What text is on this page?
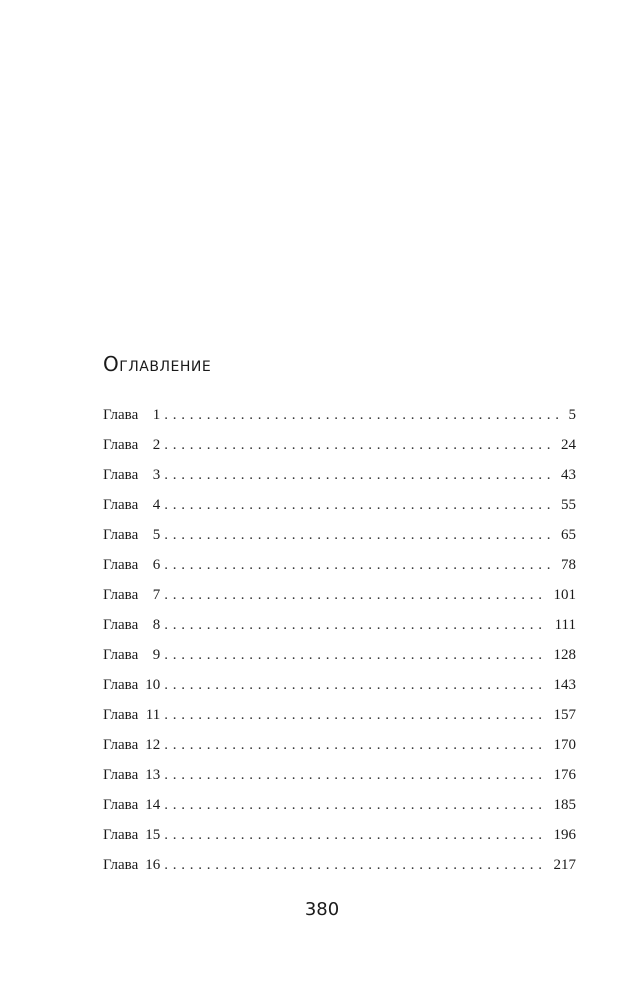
Оглавление
Глава 1 . . .	5
Глава 2 . . .	24
Глава 3 . . .	43
Глава 4 . . .	55
Глава 5 . . .	65
Глава 6 . . .	78
Глава 7 . . .	101
Глава 8 . . .	111
Глава 9 . . .	128
Глава 10 . . .	143
Глава 11 . . .	157
Глава 12 . . .	170
Глава 13 . . .	176
Глава 14 . . .	185
Глава 15 . . .	196
Глава 16 . . .	217

380
